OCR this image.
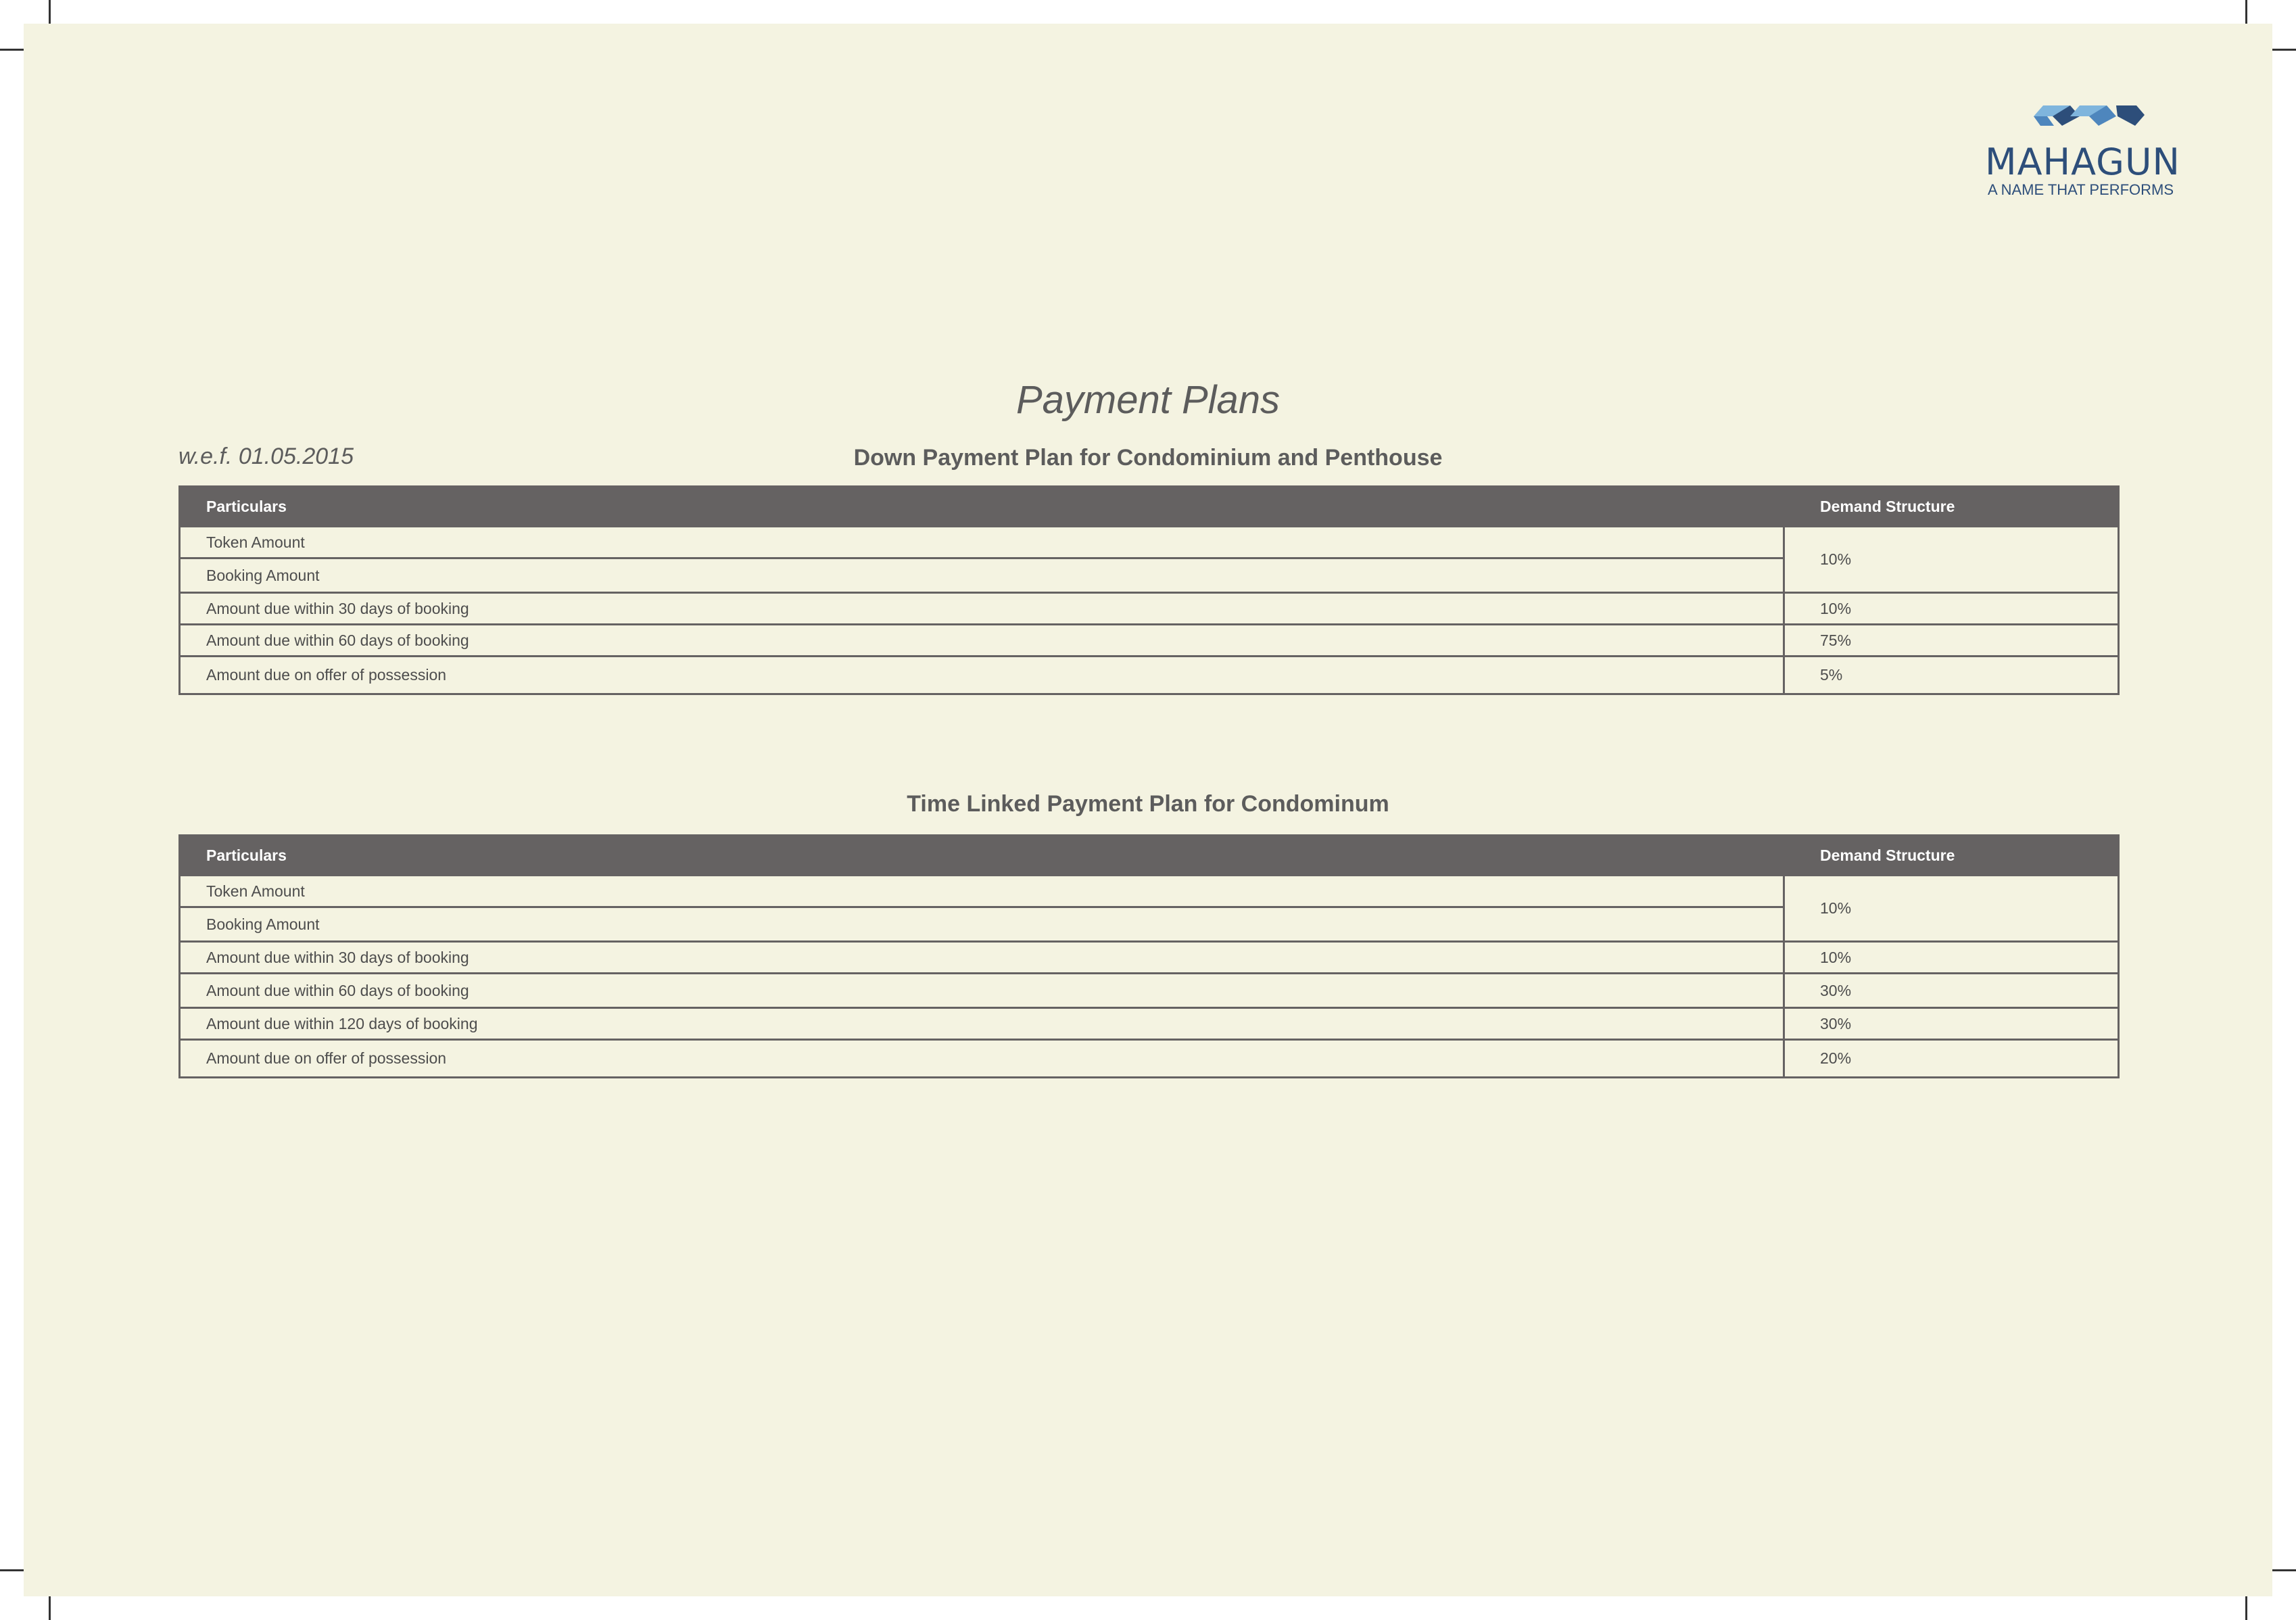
MAHAGUN
A NAME THAT PERFORMS
Payment Plans
w.e.f. 01.05.2015	Down Payment Plan for Condominium and Penthouse
Particulars	Demand Structure
Token Amount	10%
Booking Amount	
Amount due within 30 days of booking	10%
Amount due within 60 days of booking	75%
Amount due on offer of possession	5%
Time Linked Payment Plan for Condominum
Particulars	Demand Structure
Token Amount	10%
Booking Amount	
Amount due within 30 days of booking	10%
Amount due within 60 days of booking	30%
Amount due within 120 days of booking	30%
Amount due on offer of possession	20%
